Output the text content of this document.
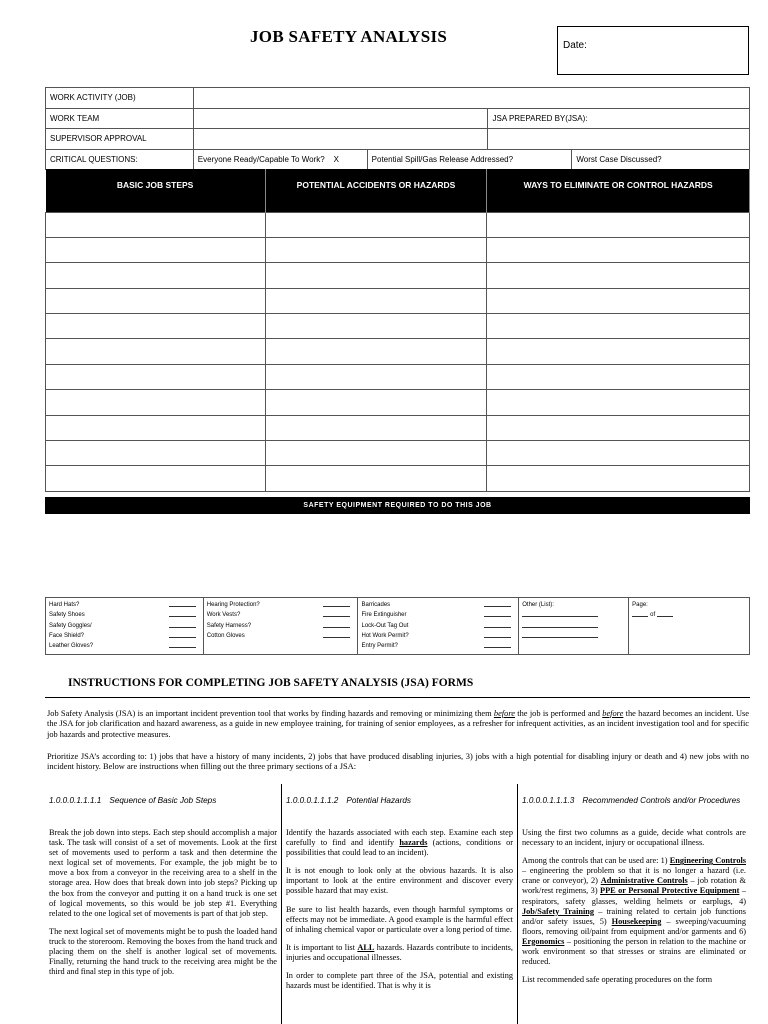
JOB SAFETY ANALYSIS	Date:
WORK ACTIVITY (JOB)				
WORK TEAM			JSA PREPARED BY(JSA):	
SUPERVISOR APPROVAL				
CRITICAL QUESTIONS:	Everyone Ready/Capable To Work? X	Potential Spill/Gas Release Addressed?		Worst Case Discussed?
BASIC JOB STEPS	POTENTIAL ACCIDENTS OR HAZARDS	WAYS TO ELIMINATE OR CONTROL HAZARDS

SAFETY EQUIPMENT REQUIRED TO DO THIS JOB
Hard Hats?
Safety Shoes
Safety Goggles/
Face Shield?
Leather Gloves?

Hearing Protection?
Work Vests?
Safety Harness?
Cotton Gloves

Barricades
Fire Extinguisher
Lock-Out Tag Out
Hot Work Permit?
Entry Permit?

Other (List):	Page:
of
INSTRUCTIONS FOR COMPLETING JOB SAFETY ANALYSIS (JSA) FORMS
Job Safety Analysis (JSA) is an important incident prevention tool that works by finding hazards and removing or minimizing them before the job is performed and before the hazard becomes an incident. Use the JSA for job clarification and hazard awareness, as a guide in new employee training, for training of senior employees, as a refresher for infrequent activities, as an incident investigation tool and for specific job hazards and protective measures.
Prioritize JSA’s according to: 1) jobs that have a history of many incidents, 2) jobs that have produced disabling injuries, 3) jobs with a high potential for disabling injury or death and 4) new jobs with no incident history. Below are instructions when filling out the three primary sections of a JSA:
1.0.0.0.1.1.1.1 Sequence of Basic Job Steps

Break the job down into steps. Each step should accomplish a major task. The task will consist of a set of movements. Look at the first set of movements used to perform a task and then determine the next logical set of movements. For example, the job might be to move a box from a conveyor in the receiving area to a shelf in the storage area. How does that break down into job steps? Picking up the box from the conveyor and putting it on a hand truck is one set of logical movements, so this would be job step #1. Everything related to the one logical set of movements is part of that job step.

The next logical set of movements might be to push the loaded hand truck to the storeroom. Removing the boxes from the hand truck and placing them on the shelf is another logical set of movements. Finally, returning the hand truck to the receiving area might be the third and final step in this type of job.

1.0.0.0.1.1.1.2 Potential Hazards

Identify the hazards associated with each step. Examine each step carefully to find and identify hazards (actions, conditions or possibilities that could lead to an incident).

It is not enough to look only at the obvious hazards. It is also important to look at the entire environment and discover every possible hazard that may exist.

Be sure to list health hazards, even though harmful symptoms or effects may not be immediate. A good example is the harmful effect of inhaling chemical vapor or particulate over a long period of time.

It is important to list ALL hazards. Hazards contribute to incidents, injuries and occupational illnesses.

In order to complete part three of the JSA, potential and existing hazards must be identified. That is why it is

1.0.0.0.1.1.1.3 Recommended Controls and/or Procedures

Using the first two columns as a guide, decide what controls are necessary to an incident, injury or occupational illness.

Among the controls that can be used are: 1) Engineering Controls – engineering the problem so that it is no longer a hazard (i.e. crane or conveyor), 2) Administrative Controls – job rotation & work/rest regimens, 3) PPE or Personal Protective Equipment – respirators, safety glasses, welding helmets or earplugs, 4) Job/Safety Training – training related to certain job functions and/or safety issues, 5) Housekeeping – sweeping/vacuuming floors, removing oil/paint from equipment and/or garments and 6) Ergonomics – positioning the person in relation to the machine or work environment so that stresses or strains are eliminated or reduced.

List recommended safe operating procedures on the form
